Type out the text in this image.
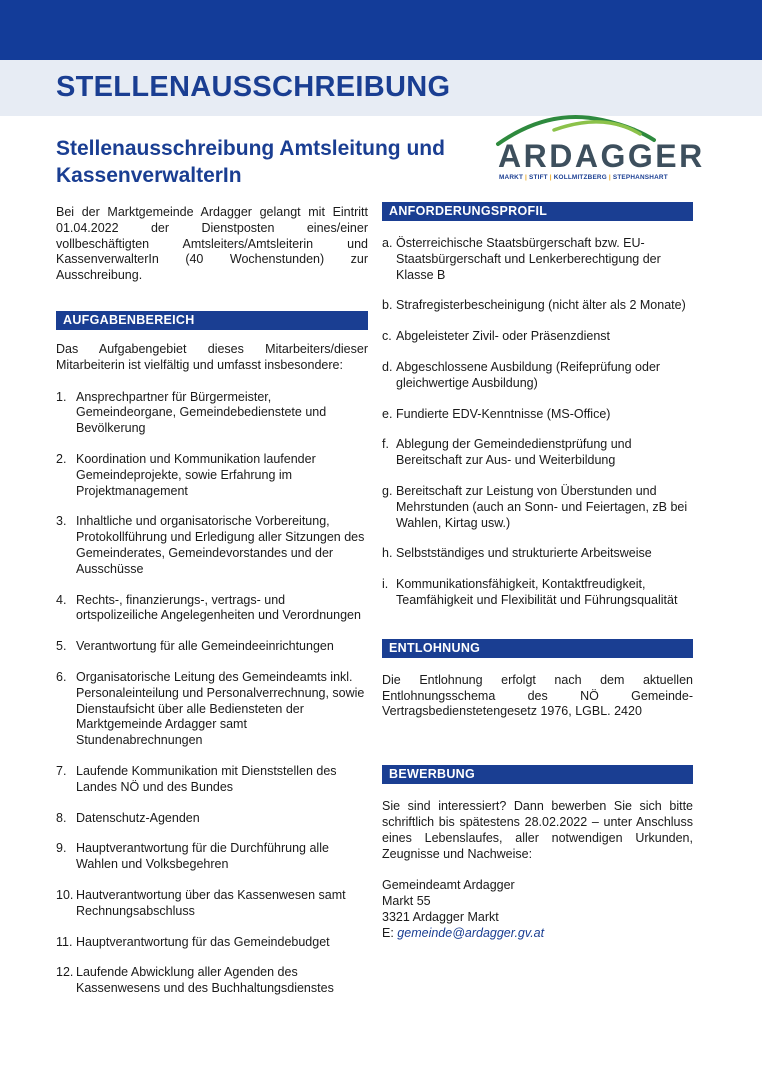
STELLENAUSSCHREIBUNG
Stellenausschreibung Amtsleitung und KassenverwalterIn
ARDAGGER
MARKT | STIFT | KOLLMITZBERG | STEPHANSHART

Bei der Marktgemeinde Ardagger gelangt mit Eintritt 01.04.2022 der Dienstposten eines/einer vollbeschäftigten Amtsleiters/Amtsleiterin und KassenverwalterIn (40 Wochenstunden) zur Ausschreibung.

AUFGABENBEREICH

Das Aufgabengebiet dieses Mitarbeiters/dieser Mitarbeiterin ist vielfältig und umfasst insbesondere:

1. Ansprechpartner für Bürgermeister, Gemeindeorgane, Gemeindebedienstete und Bevölkerung
2. Koordination und Kommunikation laufender Gemeindeprojekte, sowie Erfahrung im Projektmanagement
3. Inhaltliche und organisatorische Vorbereitung, Protokollführung und Erledigung aller Sitzungen des Gemeinderates, Gemeindevorstandes und der Ausschüsse
4. Rechts-, finanzierungs-, vertrags- und ortspolizeiliche Angelegenheiten und Verordnungen
5. Verantwortung für alle Gemeindeeinrichtungen
6. Organisatorische Leitung des Gemeindeamts inkl. Personaleinteilung und Personalverrechnung, sowie Dienstaufsicht über alle Bediensteten der Marktgemeinde Ardagger samt Stundenabrechnungen
7. Laufende Kommunikation mit Dienststellen des Landes NÖ und des Bundes
8. Datenschutz-Agenden
9. Hauptverantwortung für die Durchführung alle Wahlen und Volksbegehren
10. Hautverantwortung über das Kassenwesen samt Rechnungsabschluss
11. Hauptverantwortung für das Gemeindebudget
12. Laufende Abwicklung aller Agenden des Kassenwesens und des Buchhaltungsdienstes
ANFORDERUNGSPROFIL
a. Österreichische Staatsbürgerschaft bzw. EU-Staatsbürgerschaft und Lenkerberechtigung der Klasse B
b. Strafregisterbescheinigung (nicht älter als 2 Monate)
c. Abgeleisteter Zivil- oder Präsenzdienst
d. Abgeschlossene Ausbildung (Reifeprüfung oder gleichwertige Ausbildung)
e. Fundierte EDV-Kenntnisse (MS-Office)
f. Ablegung der Gemeindedienstprüfung und Bereitschaft zur Aus- und Weiterbildung
g. Bereitschaft zur Leistung von Überstunden und Mehrstunden (auch an Sonn- und Feiertagen, zB bei Wahlen, Kirtag usw.)
h. Selbstständiges und strukturierte Arbeitsweise
i. Kommunikationsfähigkeit, Kontaktfreudigkeit, Teamfähigkeit und Flexibilität und Führungsqualität
ENTLOHNUNG

Die Entlohnung erfolgt nach dem aktuellen Entlohnungsschema des NÖ Gemeinde-Vertragsbedienstetengesetz 1976, LGBL. 2420

BEWERBUNG

Sie sind interessiert? Dann bewerben Sie sich bitte schriftlich bis spätestens 28.02.2022 – unter Anschluss eines Lebenslaufes, aller notwendigen Urkunden, Zeugnisse und Nachweise:

Gemeindeamt Ardagger

Markt 55

3321 Ardagger Markt

E: gemeinde@ardagger.gv.at
